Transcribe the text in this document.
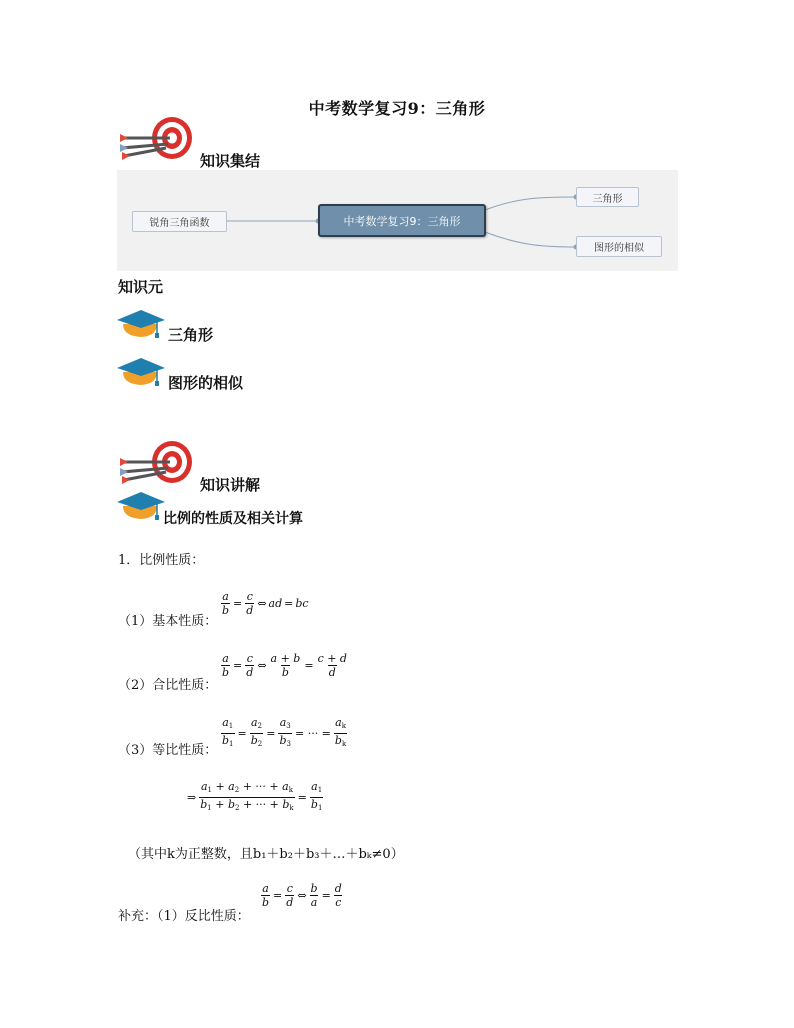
中考数学复习9：三角形
知识集结
中考数学复习9：三角形
锐角三角函数
三角形
图形的相似
知识元
三角形
图形的相似
知识讲解
比例的性质及相关计算
1．比例性质：
（1）基本性质：
$\frac{a}{b} = \frac{c}{d}$ ⇔ ad = bc
（2）合比性质：
$\frac{a}{b} = \frac{c}{d}$ ⇔ $\frac{a + b}{b} = \frac{c + d}{d}$
（3）等比性质： $\frac{a_1}{b_1} = \frac{a_2}{b_2} = \frac{a_3}{b_3}$ = ··· = $\frac{a_k}{b_k}$
⇒ $\frac{a_1 + a_2 + \cdot\cdot\cdot + a_k}{b_1 + b_2 + \cdot\cdot\cdot + b_k} = \frac{a_1}{b_1}$
（其中k为正整数，且b₁＋b₂＋b₃＋…＋bₖ≠0）
补充：（1）反比性质：
$\frac{a}{b} = \frac{c}{d}$ ⇔ $\frac{b}{a} = \frac{d}{c}$
